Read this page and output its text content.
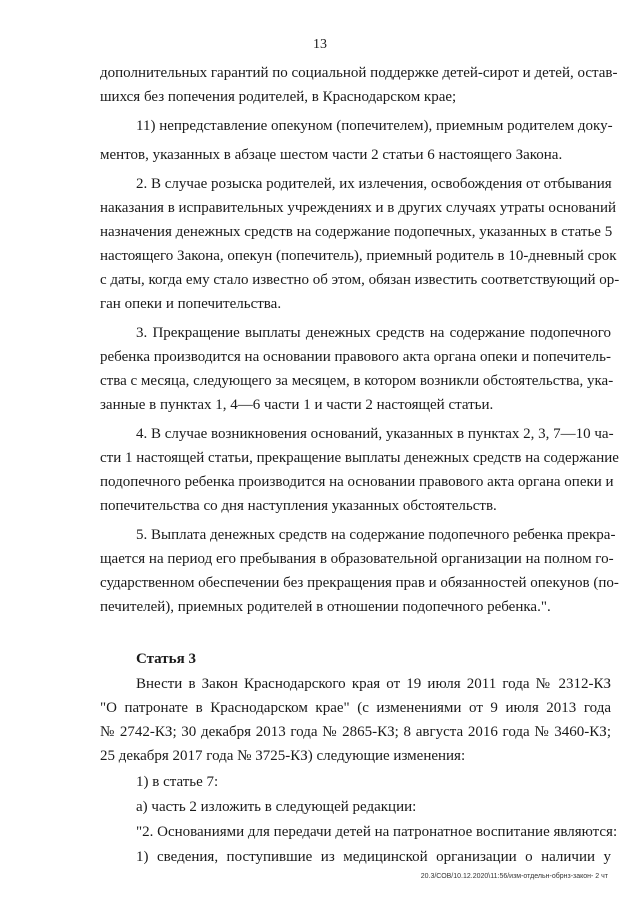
13
дополнительных гарантий по социальной поддержке детей-сирот и детей, остав-
шихся без попечения родителей, в Краснодарском крае;
11) непредставление опекуном (попечителем), приемным родителем доку-
ментов, указанных в абзаце шестом части 2 статьи 6 настоящего Закона.
2. В случае розыска родителей, их излечения, освобождения от отбывания
наказания в исправительных учреждениях и в других случаях утраты оснований
назначения денежных средств на содержание подопечных, указанных в статье 5
настоящего Закона, опекун (попечитель), приемный родитель в 10-дневный срок
с даты, когда ему стало известно об этом, обязан известить соответствующий ор-
ган опеки и попечительства.
3. Прекращение выплаты денежных средств на содержание подопечного
ребенка производится на основании правового акта органа опеки и попечитель-
ства с месяца, следующего за месяцем, в котором возникли обстоятельства, ука-
занные в пунктах 1, 4—6 части 1 и части 2 настоящей статьи.
4. В случае возникновения оснований, указанных в пунктах 2, 3, 7—10 ча-
сти 1 настоящей статьи, прекращение выплаты денежных средств на содержание
подопечного ребенка производится на основании правового акта органа опеки и
попечительства со дня наступления указанных обстоятельств.
5. Выплата денежных средств на содержание подопечного ребенка прекра-
щается на период его пребывания в образовательной организации на полном го-
сударственном обеспечении без прекращения прав и обязанностей опекунов (по-
печителей), приемных родителей в отношении подопечного ребенка.".
Статья 3
Внести в Закон Краснодарского края от 19 июля 2011 года № 2312-КЗ
"О патронате в Краснодарском крае" (с изменениями от 9 июля 2013 года
№ 2742-КЗ; 30 декабря 2013 года № 2865-КЗ; 8 августа 2016 года № 3460-КЗ;
25 декабря 2017 года № 3725-КЗ) следующие изменения:
1) в статье 7:
а) часть 2 изложить в следующей редакции:
"2. Основаниями для передачи детей на патронатное воспитание являются:
1) сведения, поступившие из медицинской организации о наличии у
20.3/СОВ/10.12.2020\11:56/изм-отдельн-обрнз-закон- 2 чт
